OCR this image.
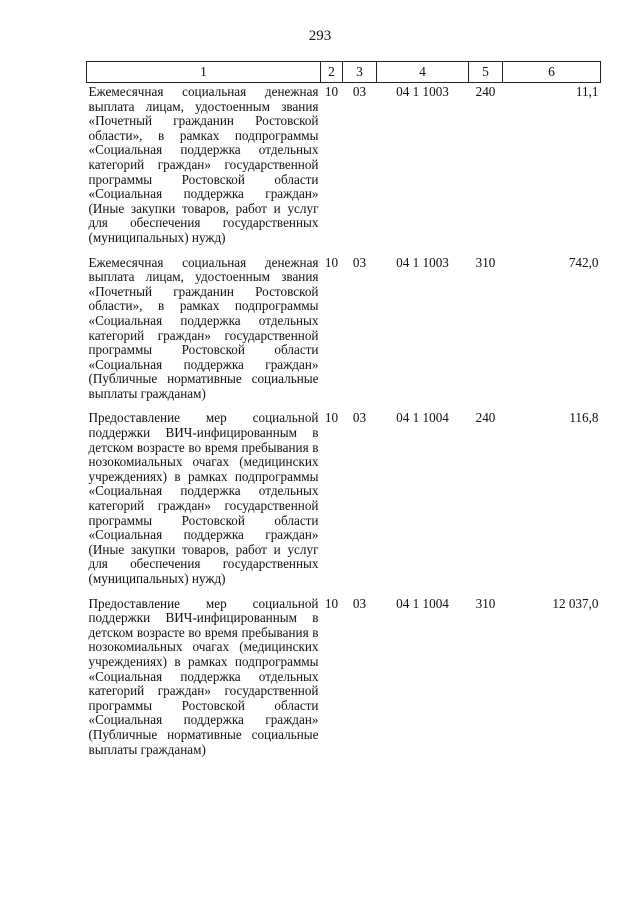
293
1	2	3	4	5	6
Ежемесячная социальная денежная выплата лицам, удостоенным звания «Почетный гражданин Ростовской области», в рамках подпрограммы «Социальная поддержка отдельных категорий граждан» государственной программы Ростовской области «Социальная поддержка граждан» (Иные закупки товаров, работ и услуг для обеспечения государственных (муниципальных) нужд)	10	03	04 1 1003	240	11,1
Ежемесячная социальная денежная выплата лицам, удостоенным звания «Почетный гражданин Ростовской области», в рамках подпрограммы «Социальная поддержка отдельных категорий граждан» государственной программы Ростовской области «Социальная поддержка граждан» (Публичные нормативные социальные выплаты гражданам)	10	03	04 1 1003	310	742,0
Предоставление мер социальной поддержки ВИЧ-инфицированным в детском возрасте во время пребывания в нозокомиальных очагах (медицинских учреждениях) в рамках подпрограммы «Социальная поддержка отдельных категорий граждан» государственной программы Ростовской области «Социальная поддержка граждан» (Иные закупки товаров, работ и услуг для обеспечения государственных (муниципальных) нужд)	10	03	04 1 1004	240	116,8
Предоставление мер социальной поддержки ВИЧ-инфицированным в детском возрасте во время пребывания в нозокомиальных очагах (медицинских учреждениях) в рамках подпрограммы «Социальная поддержка отдельных категорий граждан» государственной программы Ростовской области «Социальная поддержка граждан» (Публичные нормативные социальные выплаты гражданам)	10	03	04 1 1004	310	12 037,0
